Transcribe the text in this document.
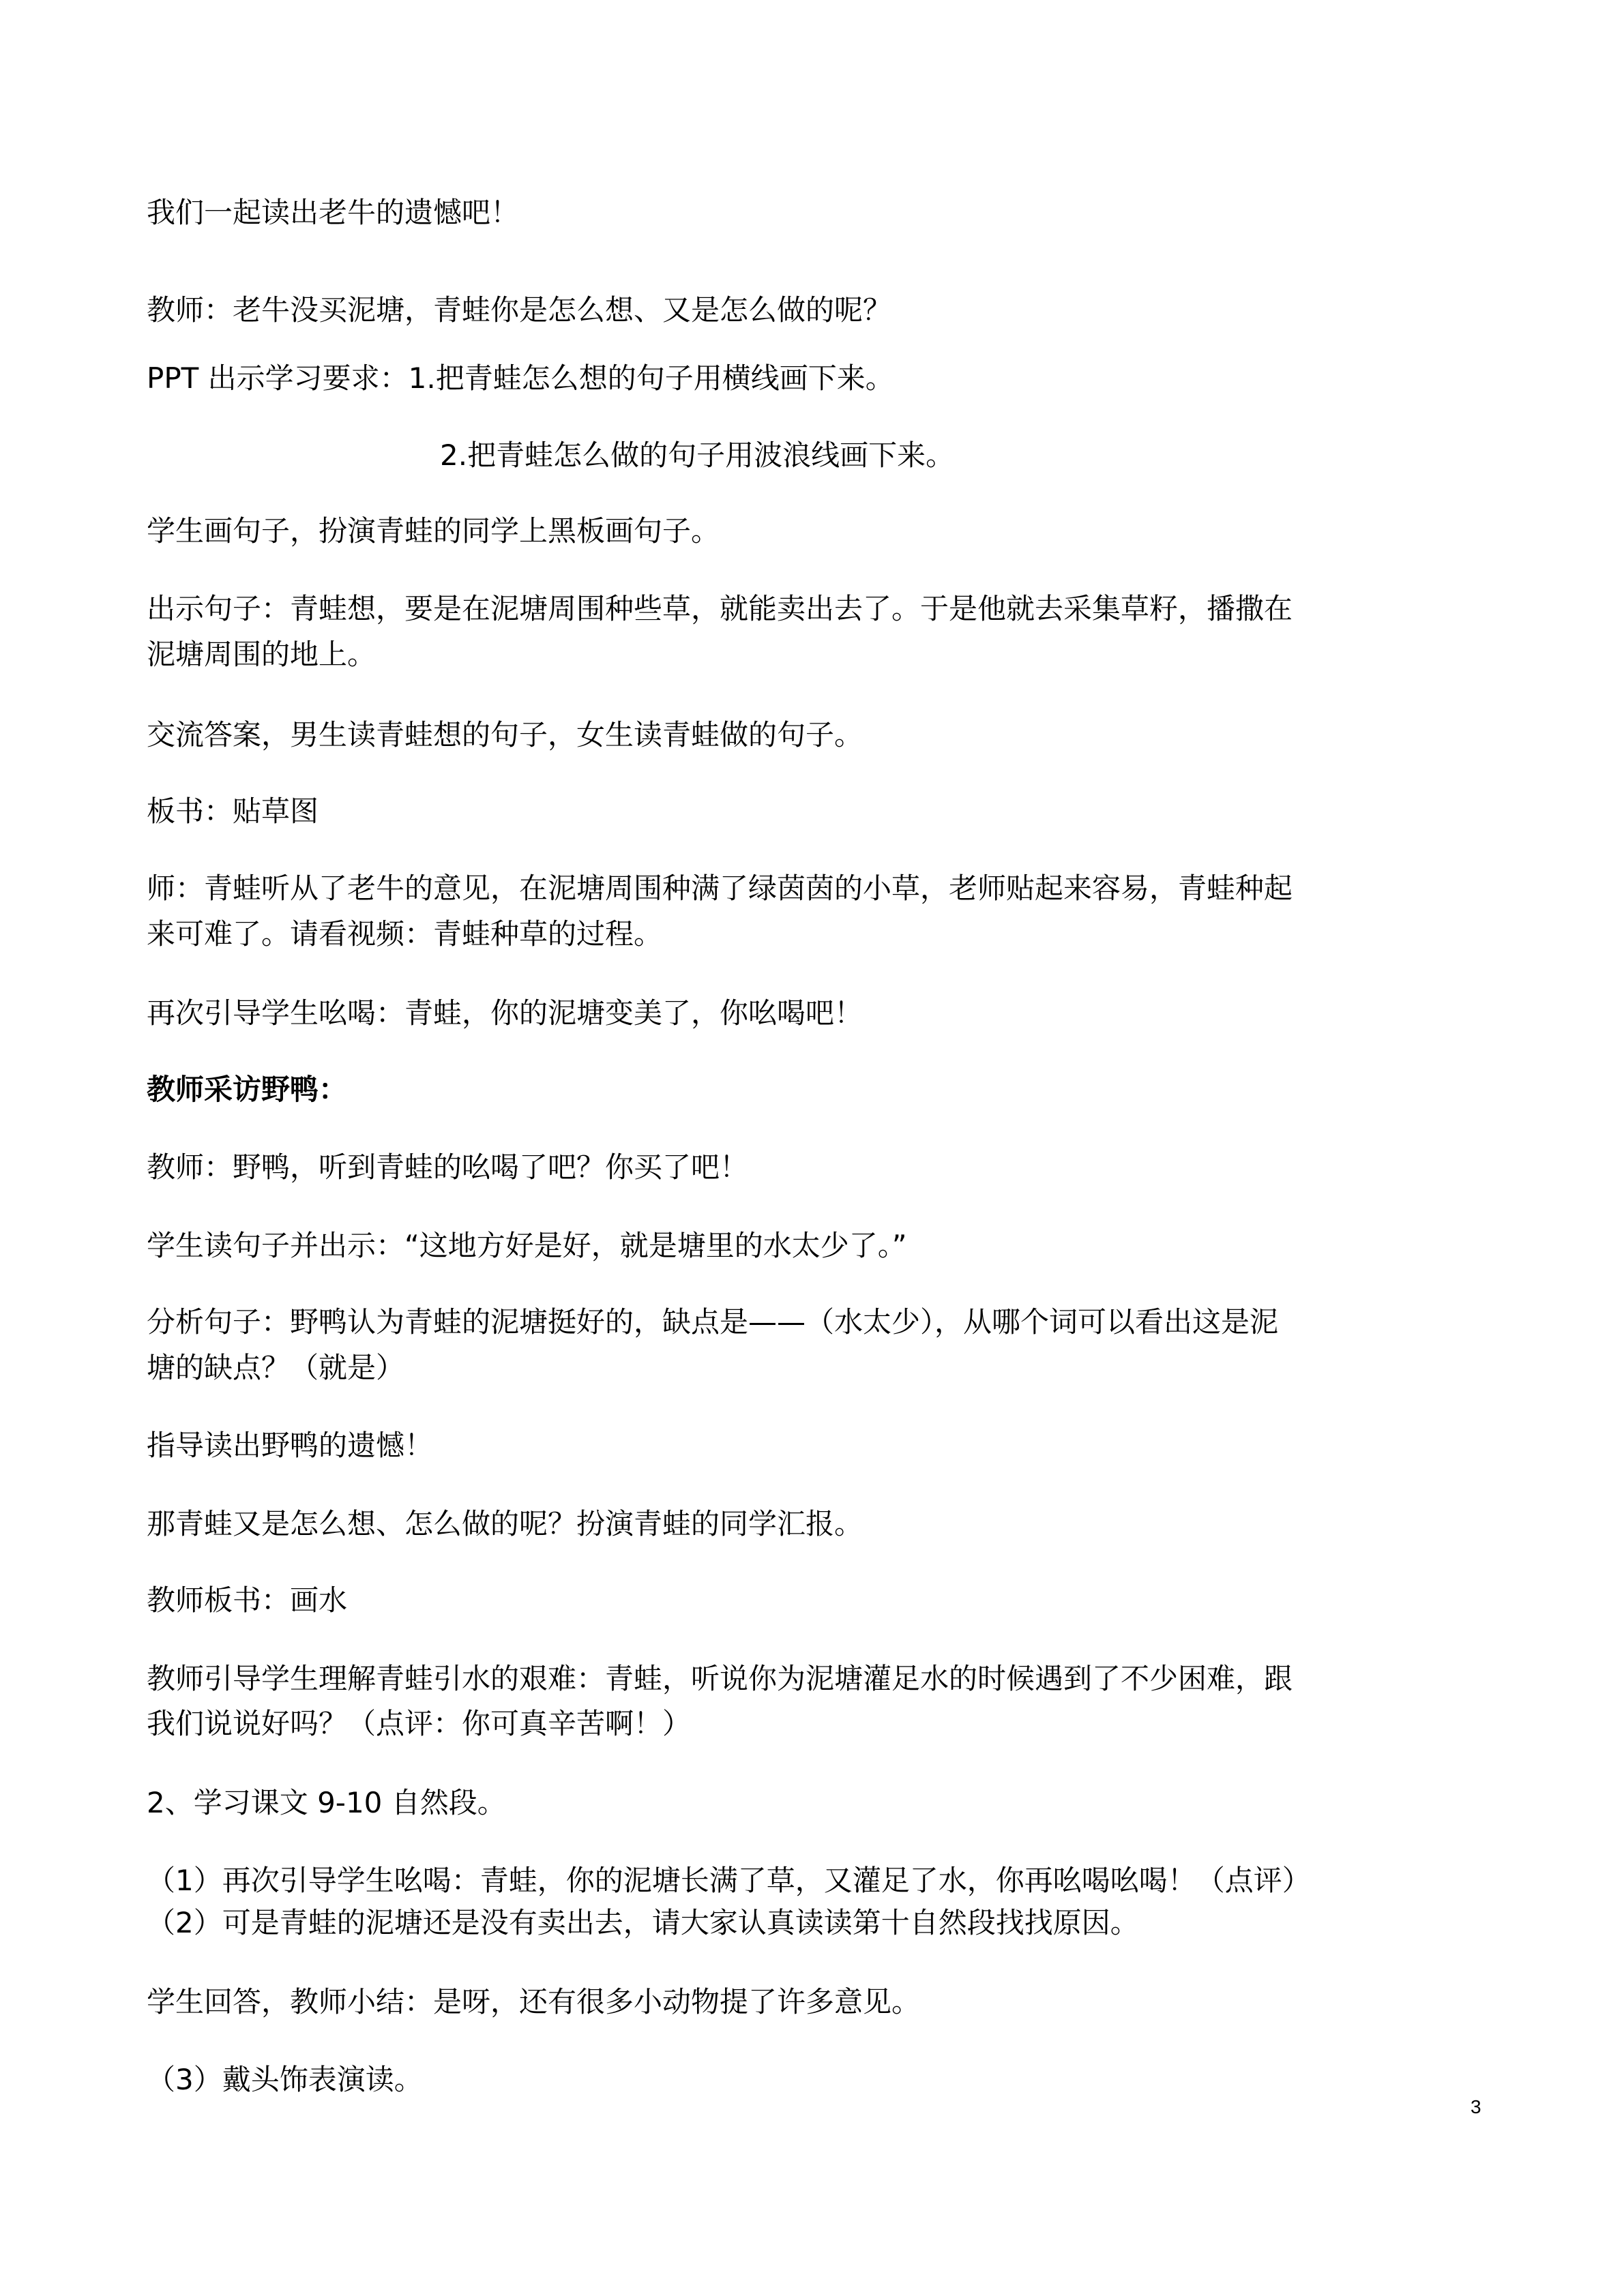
我们一起读出老牛的遗憾吧！
教师：老牛没买泥塘，青蛙你是怎么想、又是怎么做的呢？
PPT 出示学习要求：1.把青蛙怎么想的句子用横线画下来。
2.把青蛙怎么做的句子用波浪线画下来。
学生画句子，扮演青蛙的同学上黑板画句子。
出示句子：青蛙想，要是在泥塘周围种些草，就能卖出去了。于是他就去采集草籽，播撒在
泥塘周围的地上。
交流答案，男生读青蛙想的句子，女生读青蛙做的句子。
板书：贴草图
师：青蛙听从了老牛的意见，在泥塘周围种满了绿茵茵的小草，老师贴起来容易，青蛙种起
来可难了。请看视频：青蛙种草的过程。
再次引导学生吆喝：青蛙，你的泥塘变美了，你吆喝吧！
教师采访野鸭：
教师：野鸭，听到青蛙的吆喝了吧？你买了吧！
学生读句子并出示：“这地方好是好，就是塘里的水太少了。”
分析句子：野鸭认为青蛙的泥塘挺好的，缺点是——（水太少），从哪个词可以看出这是泥
塘的缺点？（就是）
指导读出野鸭的遗憾！
那青蛙又是怎么想、怎么做的呢？扮演青蛙的同学汇报。
教师板书：画水
教师引导学生理解青蛙引水的艰难：青蛙，听说你为泥塘灌足水的时候遇到了不少困难，跟
我们说说好吗？（点评：你可真辛苦啊！）
2、学习课文 9-10 自然段。
（1）再次引导学生吆喝：青蛙，你的泥塘长满了草，又灌足了水，你再吆喝吆喝！（点评）
（2）可是青蛙的泥塘还是没有卖出去，请大家认真读读第十自然段找找原因。
学生回答，教师小结：是呀，还有很多小动物提了许多意见。
（3）戴头饰表演读。
3
